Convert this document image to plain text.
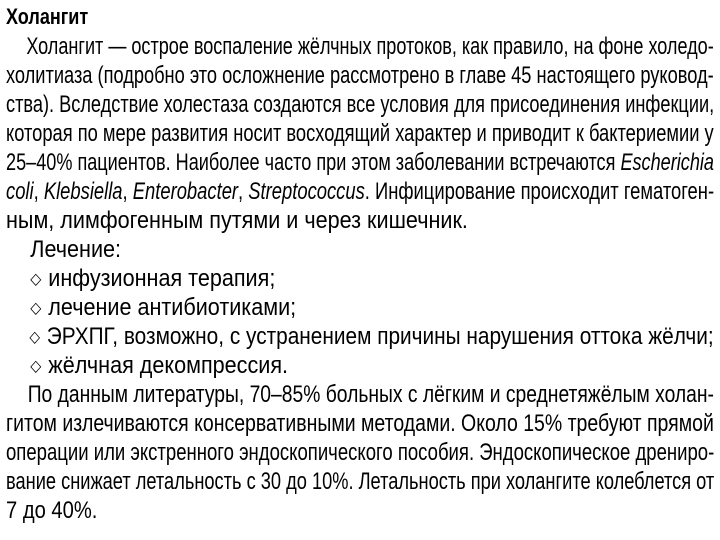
Холангит
Холангит — острое воспаление жёлчных протоков, как правило, на фоне холедо-
холитиаза (подробно это осложнение рассмотрено в главе 45 настоящего руковод-
ства). Вследствие холестаза создаются все условия для присоединения инфекции,
которая по мере развития носит восходящий характер и приводит к бактериемии у
25–40% пациентов. Наиболее часто при этом заболевании встречаются Escherichia
coli, Klebsiella, Enterobacter, Streptococcus. Инфицирование происходит гематоген-
ным, лимфогенным путями и через кишечник.
Лечение:
◇ инфузионная терапия;
◇ лечение антибиотиками;
◇ ЭРХПГ, возможно, с устранением причины нарушения оттока жёлчи;
◇ жёлчная декомпрессия.
По данным литературы, 70–85% больных с лёгким и среднетяжёлым холан-
гитом излечиваются консервативными методами. Около 15% требуют прямой
операции или экстренного эндоскопического пособия. Эндоскопическое дрениро-
вание снижает летальность с 30 до 10%. Летальность при холангите колеблется от
7 до 40%.
